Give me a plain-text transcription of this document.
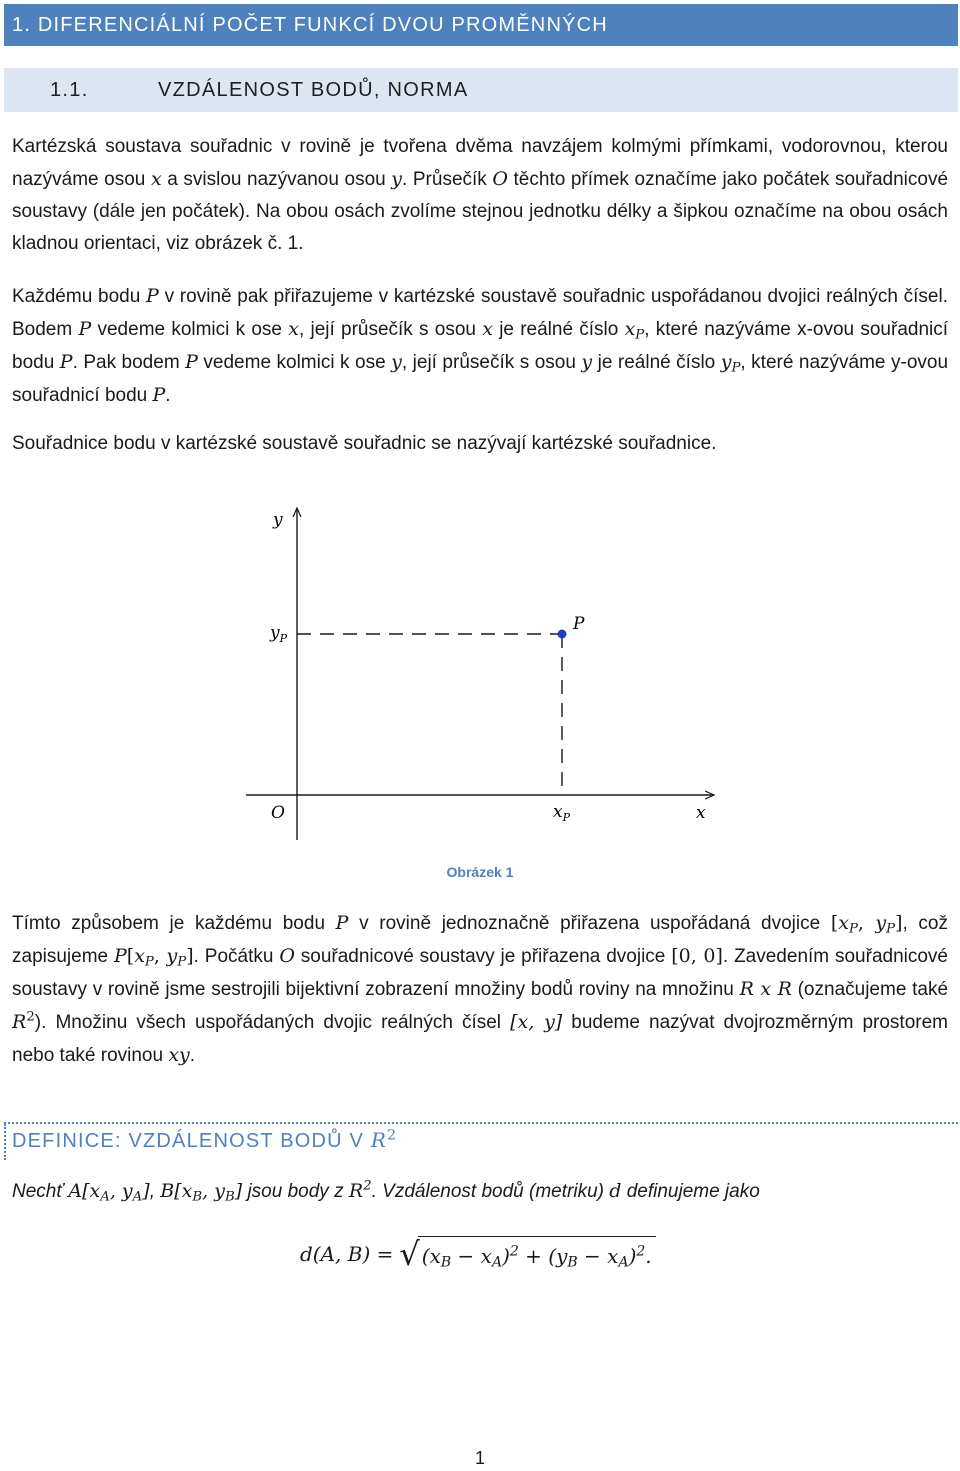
1. DIFERENCIÁLNÍ POČET FUNKCÍ DVOU PROMĚNNÝCH
1.1.	VZDÁLENOST BODŮ, NORMA

Kartézská soustava souřadnic v rovině je tvořena dvěma navzájem kolmými přímkami, vodorovnou, kterou nazýváme osou x a svislou nazývanou osou y. Průsečík O těchto přímek označíme jako počátek souřadnicové soustavy (dále jen počátek). Na obou osách zvolíme stejnou jednotku délky a šipkou označíme na obou osách kladnou orientaci, viz obrázek č. 1.

Každému bodu P v rovině pak přiřazujeme v kartézské soustavě souřadnic uspořádanou dvojici reálných čísel. Bodem P vedeme kolmici k ose x, její průsečík s osou x je reálné číslo $x_P$, které nazýváme x-ovou souřadnicí bodu P. Pak bodem P vedeme kolmici k ose y, její průsečík s osou y je reálné číslo $y_P$, které nazýváme y-ovou souřadnicí bodu P.

Souřadnice bodu v kartézské soustavě souřadnic se nazývají kartézské souřadnice.

y
x
O
P
$y_P$
$x_P$
Obrázek 1

Tímto způsobem je každému bodu P v rovině jednoznačně přiřazena uspořádaná dvojice [$x_P$, $y_P$], což zapisujeme $P[x_P$, $y_P$]. Počátku O souřadnicové soustavy je přiřazena dvojice [0, 0]. Zavedením souřadnicové soustavy v rovině jsme sestrojili bijektivní zobrazení množiny bodů roviny na množinu R x R (označujeme také $R^2$). Množinu všech uspořádaných dvojic reálných čísel [x, y] budeme nazývat dvojrozměrným prostorem nebo také rovinou xy.

DEFINICE: VZDÁLENOST BODŮ V $R^2$
Nechť $A[x_A$, $y_A$], $B[x_B$, $y_B$] jsou body z $R^2$. Vzdálenost bodů (metriku) d definujeme jako
d(A, B) = √ $(x_B - x_A)^2 + (y_B - x_A)^2$.
1
